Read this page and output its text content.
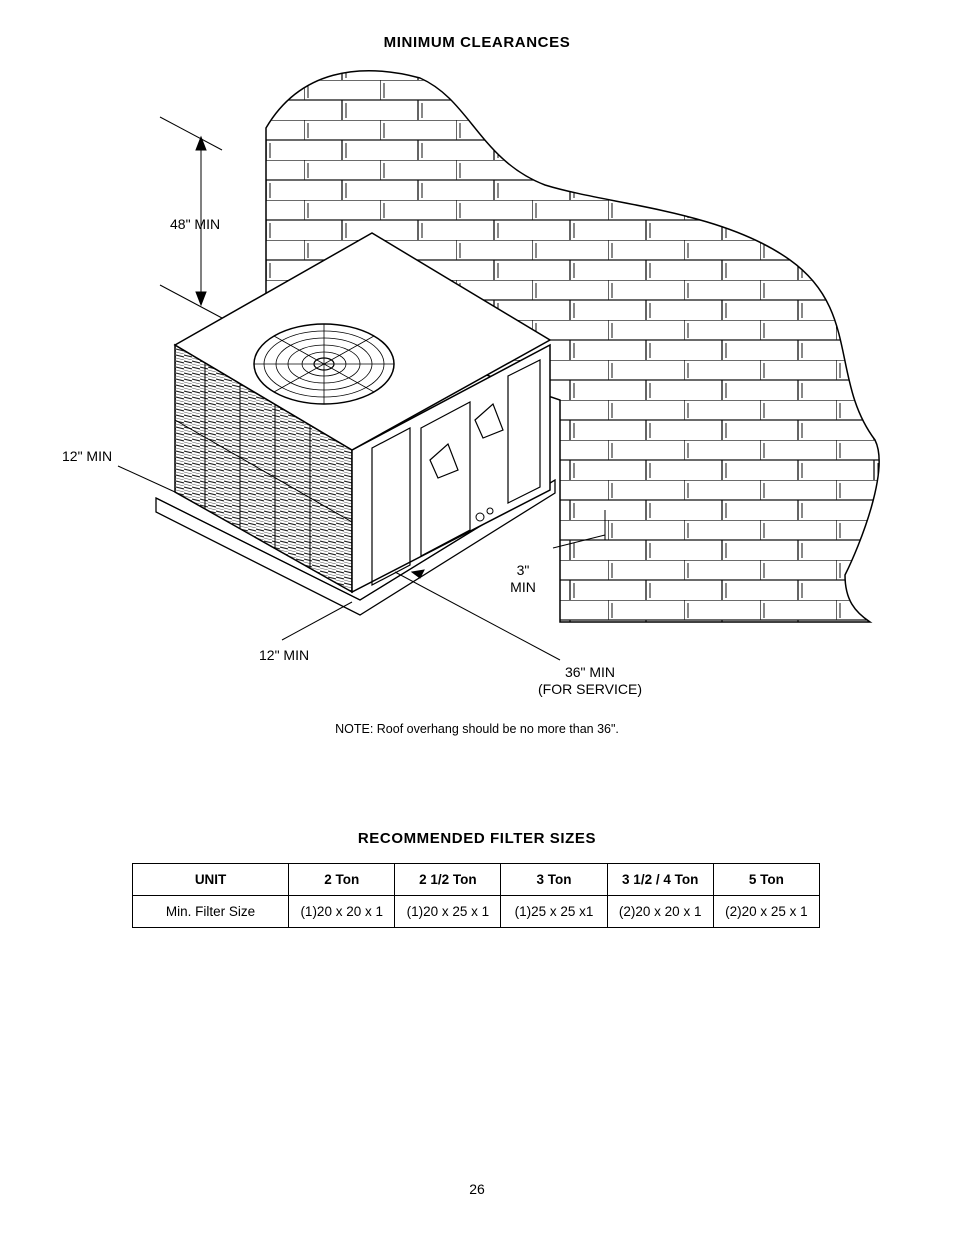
MINIMUM CLEARANCES
48" MIN
12" MIN
12" MIN
3"
MIN
36" MIN
(FOR SERVICE)
NOTE: Roof overhang should be no more than 36".
RECOMMENDED FILTER SIZES
UNIT	2 Ton	2 1/2 Ton	3 Ton	3 1/2 / 4 Ton	5 Ton
Min. Filter Size	(1)20 x 20 x 1	(1)20 x 25 x 1	(1)25 x 25 x1	(2)20 x 20 x 1	(2)20 x 25 x 1
26
